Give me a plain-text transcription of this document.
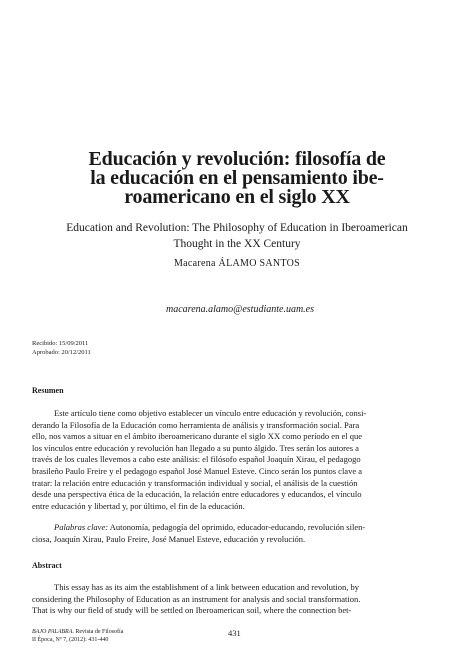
Educación y revolución: filosofía de
la educación en el pensamiento ibe-
roamericano en el siglo XX
Education and Revolution: The Philosophy of Education in Iberoamerican
Thought in the XX Century
Macarena ÁLAMO SANTOS
macarena.alamo@estudiante.uam.es
Recibido: 15/09/2011
Aprobado: 20/12/2011
Resumen
Este artículo tiene como objetivo establecer un vínculo entre educación y revolución, consi-
derando la Filosofía de la Educación como herramienta de análisis y transformación social. Para
ello, nos vamos a situar en el ámbito iberoamericano durante el siglo XX como período en el que
los vínculos entre educación y revolución han llegado a su punto álgido. Tres serán los autores a
través de los cuales llevemos a cabo este análisis: el filósofo español Joaquín Xirau, el pedagogo
brasileño Paulo Freire y el pedagogo español José Manuel Esteve. Cinco serán los puntos clave a
tratar: la relación entre educación y transformación individual y social, el análisis de la cuestión
desde una perspectiva ética de la educación, la relación entre educadores y educandos, el vínculo
entre educación y libertad y, por último, el fin de la educación.
Palabras clave: Autonomía, pedagogía del oprimido, educador-educando, revolución silen-
ciosa, Joaquín Xirau, Paulo Freire, José Manuel Esteve, educación y revolución.
Abstract
This essay has as its aim the establishment of a link between education and revolution, by
considering the Philosophy of Education as an instrument for analysis and social transformation.
That is why our field of study will be settled on Iberoamerican soil, where the connection bet-
BAJO PALABRA. Revista de Filosofía
II Época, Nº 7, (2012): 431-440
431
